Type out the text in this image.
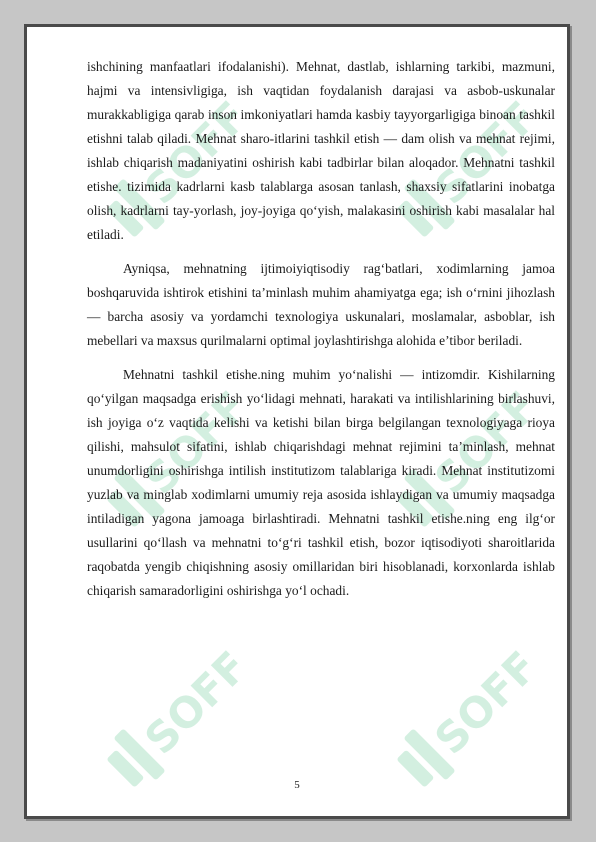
SOFF	SOFF
SOFF	SOFF
SOFF	SOFF

ishchining manfaatlari ifodalanishi). Mehnat, dastlab, ishlarning tarkibi, mazmuni, hajmi va intensivligiga, ish vaqtidan foydalanish darajasi va asbob-uskunalar murakkabligiga qarab inson imkoniyatlari hamda kasbiy tayyorgarligiga binoan tashkil etishni talab qiladi. Mehnat sharo-itlarini tashkil etish — dam olish va mehnat rejimi, ishlab chiqarish madaniyatini oshirish kabi tadbirlar bilan aloqador. Mehnatni tashkil etishe. tizimida kadrlarni kasb talablarga asosan tanlash, shaxsiy sifatlarini inobatga olish, kadrlarni tay-yorlash, joy-joyiga qo‘yish, malakasini oshirish kabi masalalar hal etiladi.

Ayniqsa, mehnatning ijtimoiyiqtisodiy rag‘batlari, xodimlarning jamoa boshqaruvida ishtirok etishini ta’minlash muhim ahamiyatga ega; ish o‘rnini jihozlash — barcha asosiy va yordamchi texnologiya uskunalari, moslamalar, asboblar, ish mebellari va maxsus qurilmalarni optimal joylashtirishga alohida e’tibor beriladi.

Mehnatni tashkil etishe.ning muhim yo‘nalishi — intizomdir. Kishilarning qo‘yilgan maqsadga erishish yo‘lidagi mehnati, harakati va intilishlarining birlashuvi, ish joyiga o‘z vaqtida kelishi va ketishi bilan birga belgilangan texnologiyaga rioya qilishi, mahsulot sifatini, ishlab chiqarishdagi mehnat rejimini ta’minlash, mehnat unumdorligini oshirishga intilish institutizom talablariga kiradi. Mehnat institutizomi yuzlab va minglab xodimlarni umumiy reja asosida ishlaydigan va umumiy maqsadga intiladigan yagona jamoaga birlashtiradi. Mehnatni tashkil etishe.ning eng ilg‘or usullarini qo‘llash va mehnatni to‘g‘ri tashkil etish, bozor iqtisodiyoti sharoitlarida raqobatda yengib chiqishning asosiy omillaridan biri hisoblanadi, korxonlarda ishlab chiqarish samaradorligini oshirishga yo‘l ochadi.

5
